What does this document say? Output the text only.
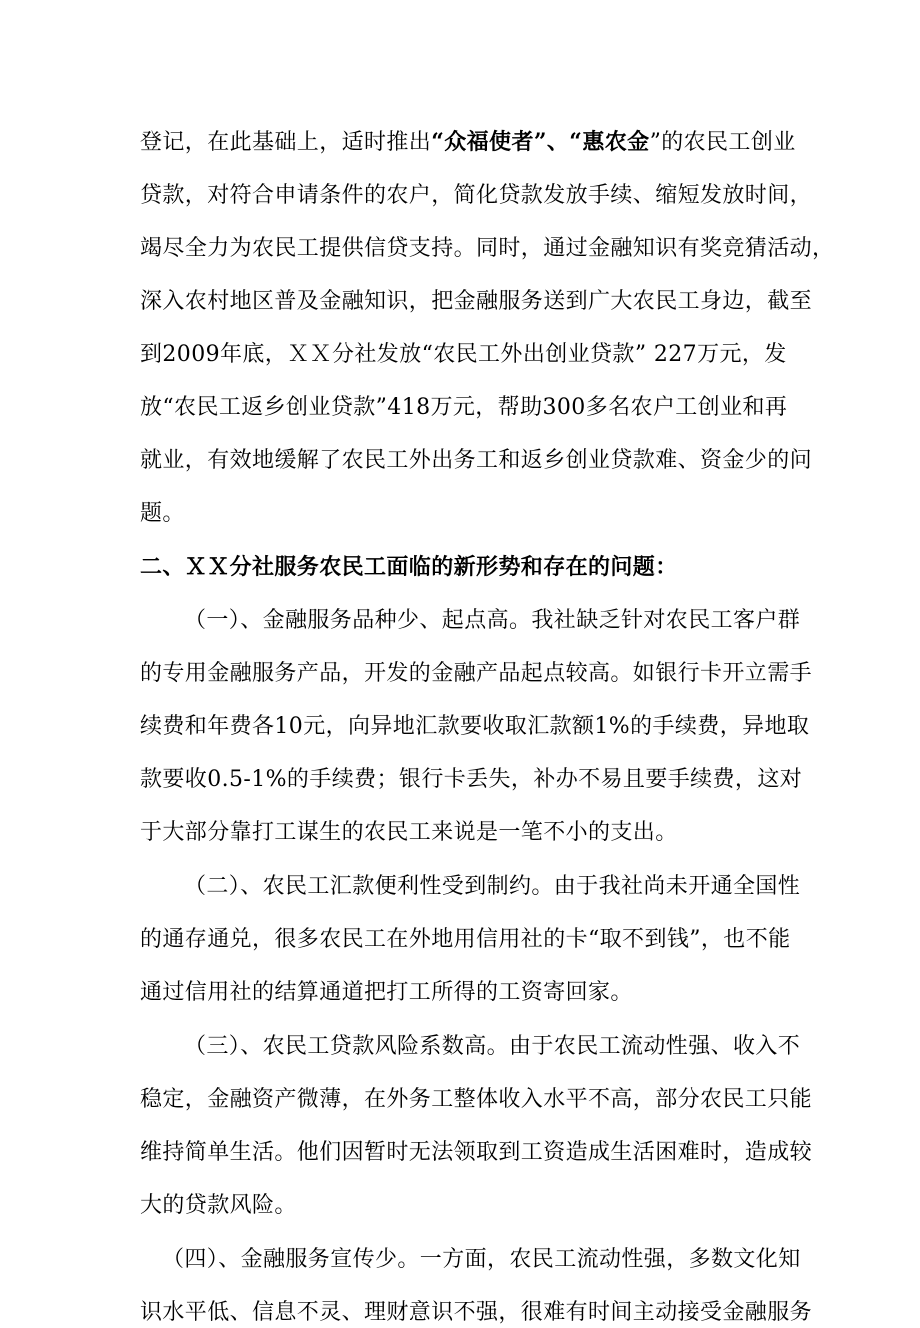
登记，在此基础上，适时推出“众福使者”、“惠农金”的农民工创业
贷款，对符合申请条件的农户，简化贷款发放手续、缩短发放时间，
竭尽全力为农民工提供信贷支持。同时，通过金融知识有奖竞猜活动，
深入农村地区普及金融知识，把金融服务送到广大农民工身边，截至
到2009年底，ＸＸ分社发放“农民工外出创业贷款” 227万元，发
放“农民工返乡创业贷款”418万元，帮助300多名农户工创业和再
就业，有效地缓解了农民工外出务工和返乡创业贷款难、资金少的问
题。
二、ＸＸ分社服务农民工面临的新形势和存在的问题：
（一）、金融服务品种少、起点高。我社缺乏针对农民工客户群
的专用金融服务产品，开发的金融产品起点较高。如银行卡开立需手
续费和年费各10元，向异地汇款要收取汇款额1%的手续费，异地取
款要收0.5-1%的手续费；银行卡丢失，补办不易且要手续费，这对
于大部分靠打工谋生的农民工来说是一笔不小的支出。
（二）、农民工汇款便利性受到制约。由于我社尚未开通全国性
的通存通兑，很多农民工在外地用信用社的卡“取不到钱”，也不能
通过信用社的结算通道把打工所得的工资寄回家。
（三）、农民工贷款风险系数高。由于农民工流动性强、收入不
稳定，金融资产微薄，在外务工整体收入水平不高，部分农民工只能
维持简单生活。他们因暂时无法领取到工资造成生活困难时，造成较
大的贷款风险。
（四）、金融服务宣传少。一方面，农民工流动性强，多数文化知
识水平低、信息不灵、理财意识不强，很难有时间主动接受金融服务
